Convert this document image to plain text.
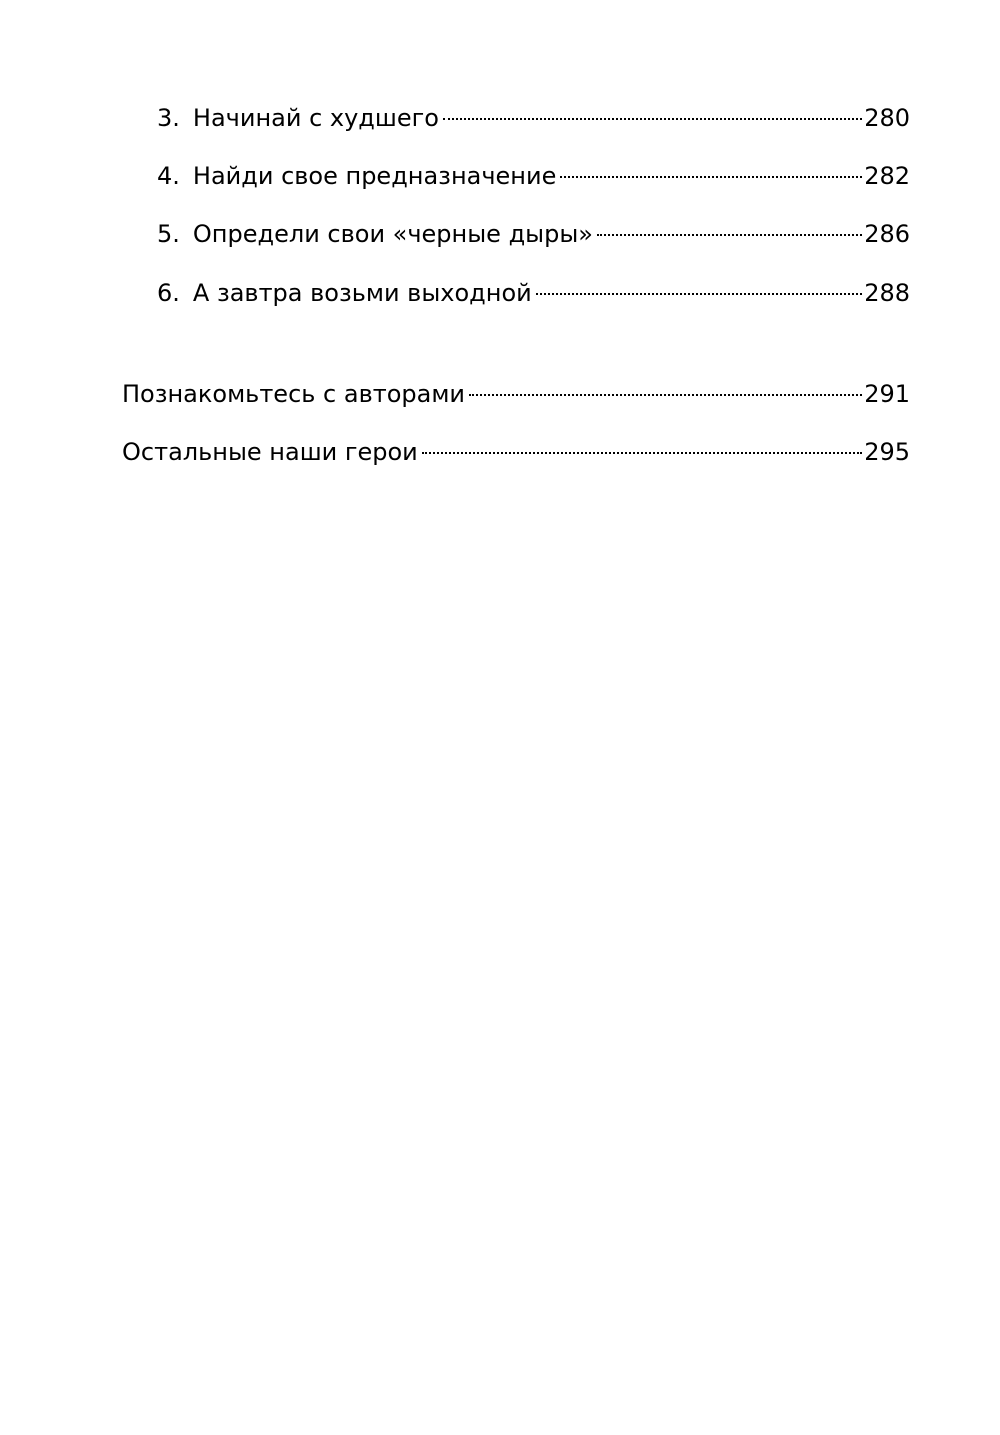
3. Начинай с худшего	280
4. Найди свое предназначение	282
5. Определи свои «черные дыры»	286
6. А завтра возьми выходной	288
Познакомьтесь с авторами	291
Остальные наши герои	295
